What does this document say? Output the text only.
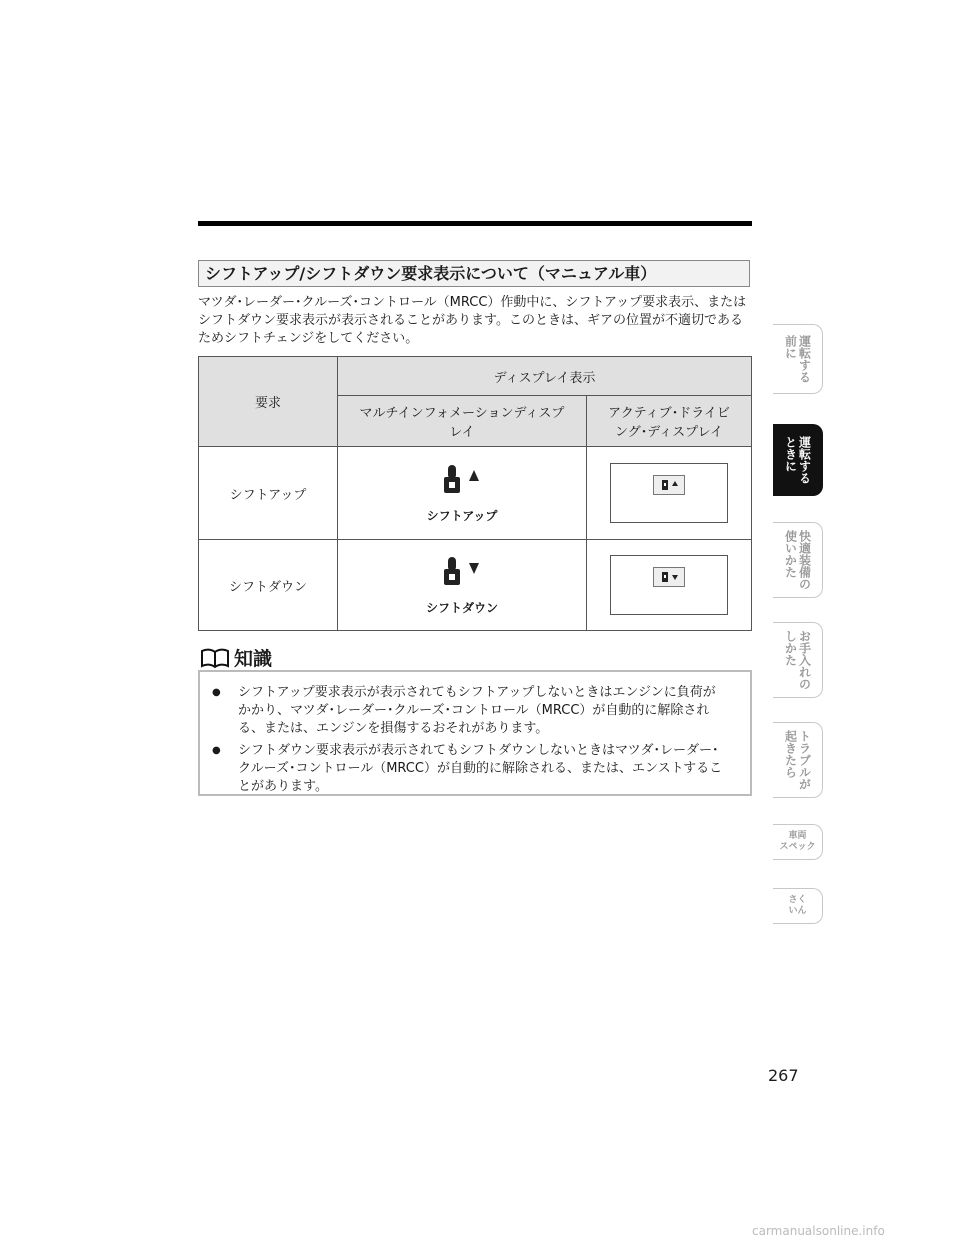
シフトアップ/シフトダウン要求表示について（マニュアル車）
マツダ･レーダー･クルーズ･コントロール（MRCC）作動中に、シフトアップ要求表示、またはシフトダウン要求表示が表示されることがあります。このときは、ギアの位置が不適切であるためシフトチェンジをしてください。
要求	ディスプレイ表示	
	マルチインフォメーションディスプレイ	アクティブ･ドライビング･ディスプレイ
シフトアップ	シフトアップ

シフトダウン	シフトダウン

知識
● シフトアップ要求表示が表示されてもシフトアップしないときはエンジンに負荷がかかり、マツダ･レーダー･クルーズ･コントロール（MRCC）が自動的に解除される、または、エンジンを損傷するおそれがあります。
● シフトダウン要求表示が表示されてもシフトダウンしないときはマツダ･レーダー･クルーズ･コントロール（MRCC）が自動的に解除される、または、エンストすることがあります。
運転する
前に
運転する
ときに
快適装備の
使いかた
お手入れの
しかた
トラブルが
起きたら
車両
スペック
さく
いん
267
carmanualsonline.info
